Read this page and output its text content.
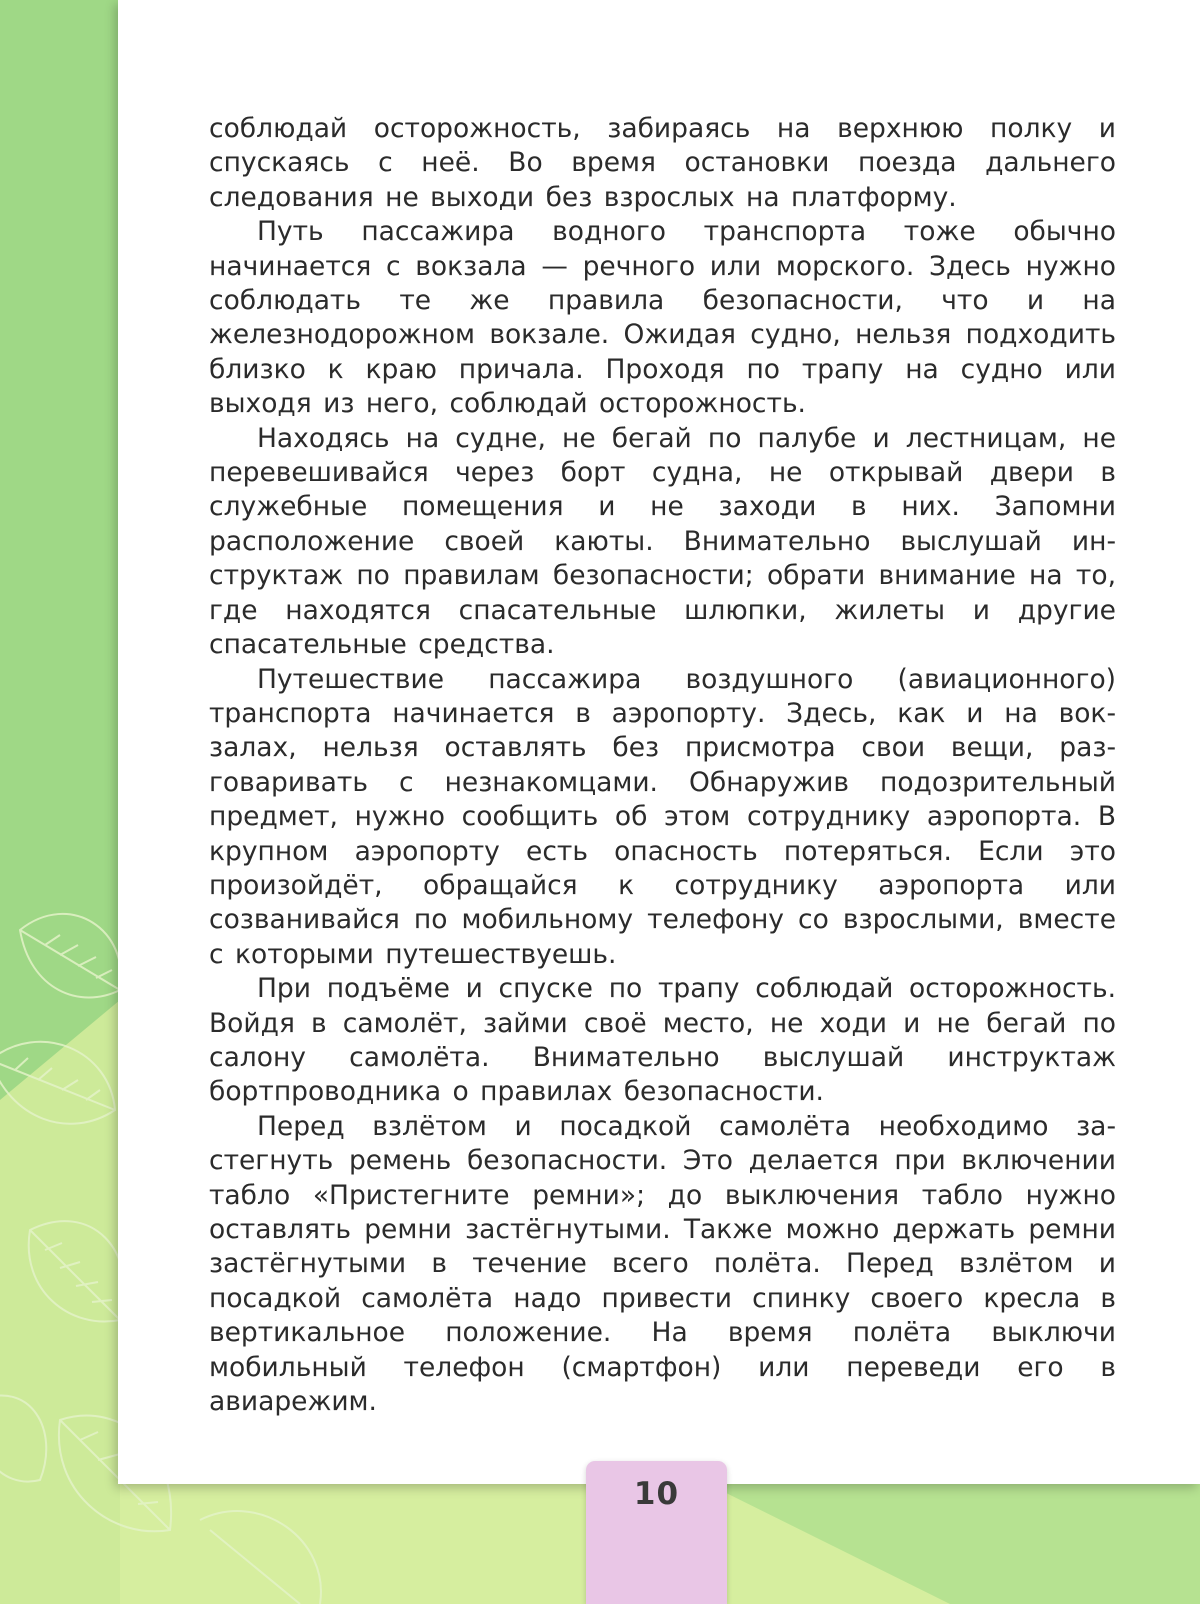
соблюдай осторожность, забираясь на верхнюю полку и спускаясь с неё. Во время остановки поезда дальнего следования не выходи без взрослых на платформу.

Путь пассажира водного транспорта тоже обычно начинается с вокзала — речного или морского. Здесь нужно соблюдать те же правила безопасности, что и на железнодорожном вокзале. Ожидая судно, нельзя подходить близко к краю причала. Проходя по трапу на судно или выходя из него, соблюдай осторожность.

Находясь на судне, не бегай по палубе и лестницам, не перевешивайся через борт судна, не открывай двери в служебные помещения и не заходи в них. Запомни расположение своей каюты. Внимательно выслушай инструктаж по правилам безопасности; обрати внимание на то, где находятся спасательные шлюпки, жилеты и другие спасательные средства.

Путешествие пассажира воздушного (авиационного) транспорта начинается в аэропорту. Здесь, как и на вокзалах, нельзя оставлять без присмотра свои вещи, разговаривать с незнакомцами. Обнаружив подозрительный предмет, нужно сообщить об этом сотруднику аэропорта. В крупном аэропорту есть опасность потеряться. Если это произойдёт, обращайся к сотруднику аэропорта или созванивайся по мобильному телефону со взрослыми, вместе с которыми путешествуешь.

При подъёме и спуске по трапу соблюдай осторожность. Войдя в самолёт, займи своё место, не ходи и не бегай по салону самолёта. Внимательно выслушай инструктаж бортпроводника о правилах безопасности.

Перед взлётом и посадкой самолёта необходимо застегнуть ремень безопасности. Это делается при включении табло «Пристегните ремни»; до выключения табло нужно оставлять ремни застёгнутыми. Также можно держать ремни застёгнутыми в течение всего полёта. Перед взлётом и посадкой самолёта надо привести спинку своего кресла в вертикальное положение. На время полёта выключи мобильный телефон (смартфон) или переведи его в авиарежим.

10
